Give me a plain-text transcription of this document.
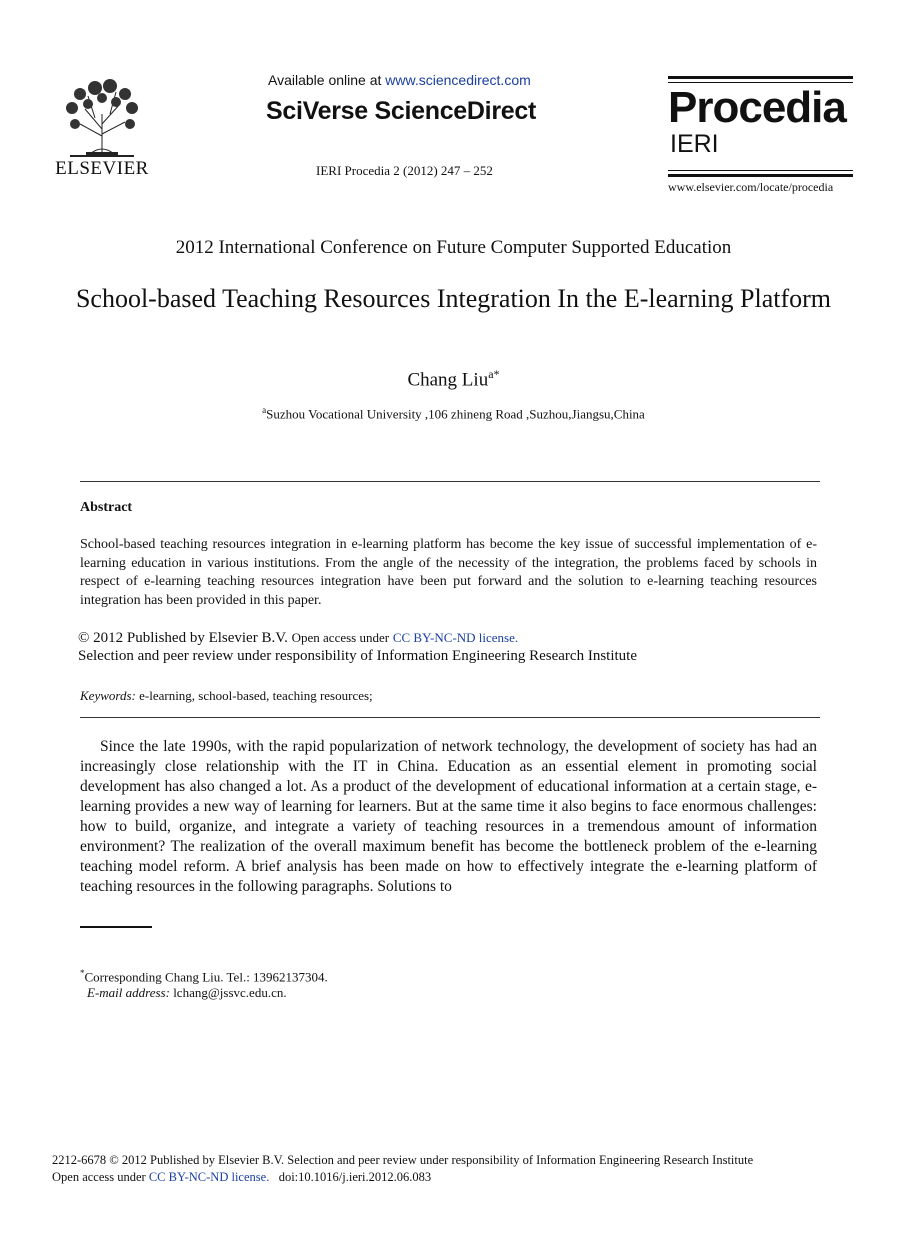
ELSEVIER
Available online at www.sciencedirect.com
SciVerse ScienceDirect
IERI Procedia 2 (2012) 247 – 252
Procedia
IERI
www.elsevier.com/locate/procedia
2012 International Conference on Future Computer Supported Education
School-based Teaching Resources Integration In the E-learning Platform
Chang Liu$^{a*}$
$^a$Suzhou Vocational University ,106 zhineng Road ,Suzhou,Jiangsu,China
Abstract
School-based teaching resources integration in e-learning platform has become the key issue of successful implementation of e-learning education in various institutions. From the angle of the necessity of the integration, the problems faced by schools in respect of e-learning teaching resources integration have been put forward and the solution to e-learning teaching resources integration has been provided in this paper.
© 2012 Published by Elsevier B.V. Open access under CC BY-NC-ND license.
Selection and peer review under responsibility of Information Engineering Research Institute
Keywords: e-learning, school-based, teaching resources;
Since the late 1990s, with the rapid popularization of network technology, the development of society has had an increasingly close relationship with the IT in China. Education as an essential element in promoting social development has also changed a lot. As a product of the development of educational information at a certain stage, e-learning provides a new way of learning for learners. But at the same time it also begins to face enormous challenges: how to build, organize, and integrate a variety of teaching resources in a tremendous amount of information environment? The realization of the overall maximum benefit has become the bottleneck problem of the e-learning teaching model reform. A brief analysis has been made on how to effectively integrate the e-learning platform of teaching resources in the following paragraphs. Solutions to
*Corresponding Chang Liu. Tel.: 13962137304.
E-mail address: lchang@jssvc.edu.cn.
2212-6678 © 2012 Published by Elsevier B.V. Selection and peer review under responsibility of Information Engineering Research Institute
Open access under CC BY-NC-ND license. doi:10.1016/j.ieri.2012.06.083
